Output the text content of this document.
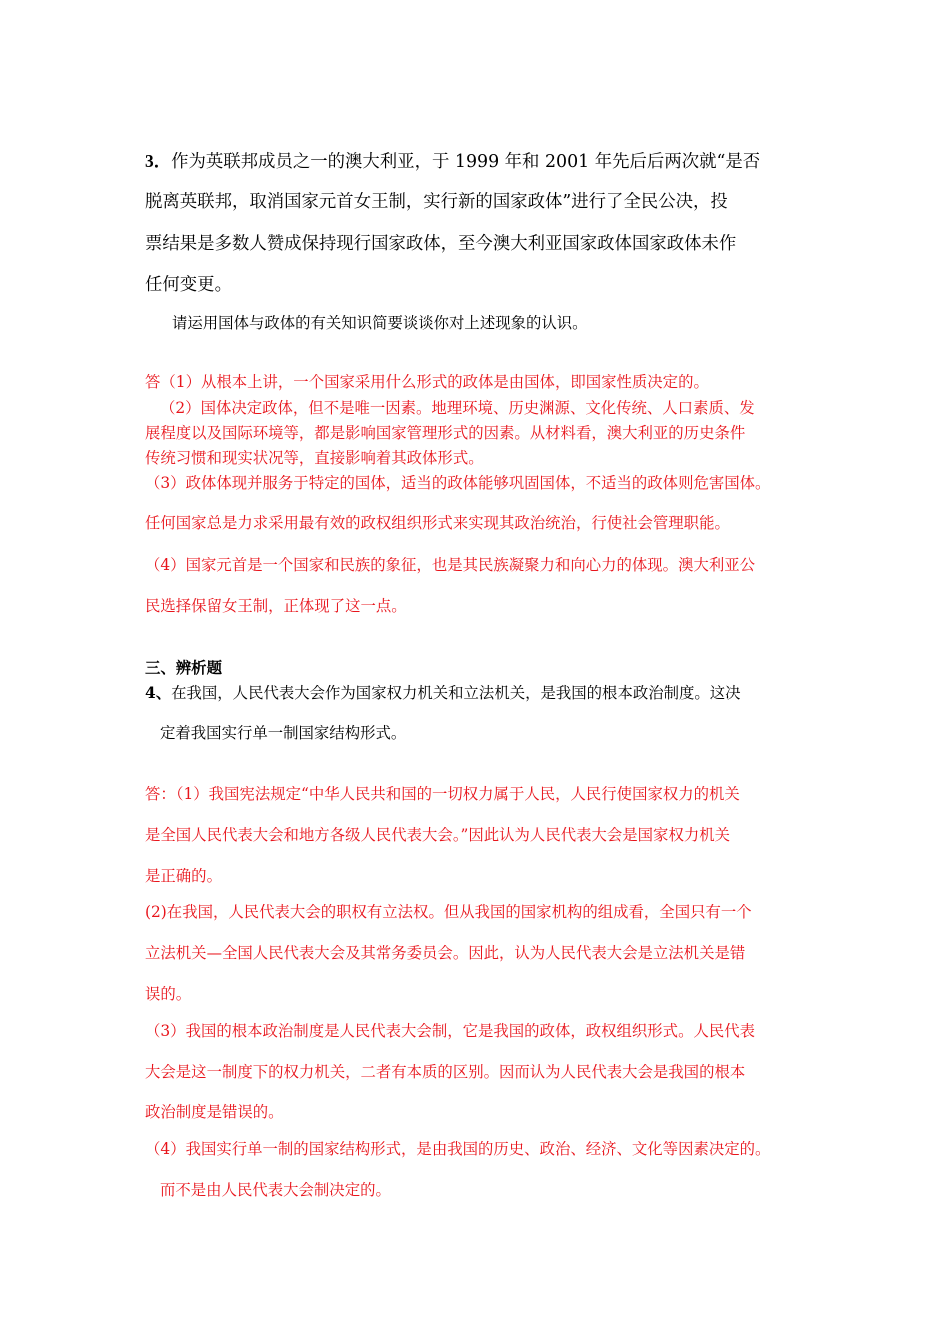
3．作为英联邦成员之一的澳大利亚，于 1999 年和 2001 年先后后两次就“是否
脱离英联邦，取消国家元首女王制，实行新的国家政体”进行了全民公决，投
票结果是多数人赞成保持现行国家政体，至今澳大利亚国家政体国家政体未作
任何变更。
请运用国体与政体的有关知识简要谈谈你对上述现象的认识。
答（1）从根本上讲，一个国家采用什么形式的政体是由国体，即国家性质决定的。
（2）国体决定政体，但不是唯一因素。地理环境、历史渊源、文化传统、人口素质、发
展程度以及国际环境等，都是影响国家管理形式的因素。从材料看，澳大利亚的历史条件
传统习惯和现实状况等，直接影响着其政体形式。
（3）政体体现并服务于特定的国体，适当的政体能够巩固国体，不适当的政体则危害国体。
任何国家总是力求采用最有效的政权组织形式来实现其政治统治，行使社会管理职能。
（4）国家元首是一个国家和民族的象征，也是其民族凝聚力和向心力的体现。澳大利亚公
民选择保留女王制，正体现了这一点。
三、辨析题
4、在我国，人民代表大会作为国家权力机关和立法机关，是我国的根本政治制度。这决
定着我国实行单一制国家结构形式。
答：（1）我国宪法规定“中华人民共和国的一切权力属于人民，人民行使国家权力的机关
是全国人民代表大会和地方各级人民代表大会。”因此认为人民代表大会是国家权力机关
是正确的。
(2)在我国，人民代表大会的职权有立法权。但从我国的国家机构的组成看，全国只有一个
立法机关—全国人民代表大会及其常务委员会。因此，认为人民代表大会是立法机关是错
误的。
（3）我国的根本政治制度是人民代表大会制，它是我国的政体，政权组织形式。人民代表
大会是这一制度下的权力机关，二者有本质的区别。因而认为人民代表大会是我国的根本
政治制度是错误的。
（4）我国实行单一制的国家结构形式，是由我国的历史、政治、经济、文化等因素决定的。
而不是由人民代表大会制决定的。
